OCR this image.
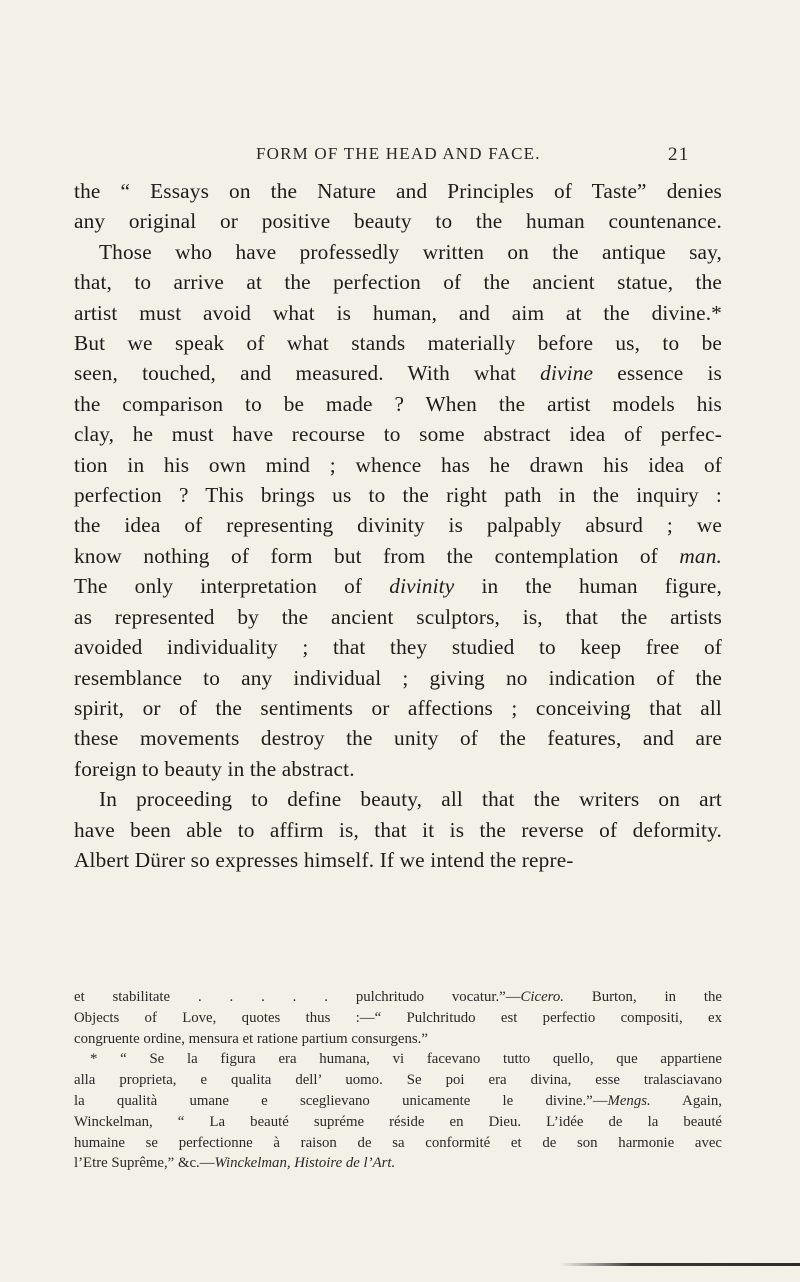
FORM OF THE HEAD AND FACE.	21
the “ Essays on the Nature and Principles of Taste” denies
any original or positive beauty to the human countenance.
Those who have professedly written on the antique say,
that, to arrive at the perfection of the ancient statue, the
artist must avoid what is human, and aim at the divine.*
But we speak of what stands materially before us, to be
seen, touched, and measured. With what divine essence is
the comparison to be made ? When the artist models his
clay, he must have recourse to some abstract idea of perfec-
tion in his own mind ; whence has he drawn his idea of
perfection ? This brings us to the right path in the inquiry :
the idea of representing divinity is palpably absurd ; we
know nothing of form but from the contemplation of man.
The only interpretation of divinity in the human figure,
as represented by the ancient sculptors, is, that the artists
avoided individuality ; that they studied to keep free of
resemblance to any individual ; giving no indication of the
spirit, or of the sentiments or affections ; conceiving that all
these movements destroy the unity of the features, and are
foreign to beauty in the abstract.
In proceeding to define beauty, all that the writers on art
have been able to affirm is, that it is the reverse of deformity.
Albert Dürer so expresses himself. If we intend the repre-
et stabilitate . . . . . pulchritudo vocatur.”—Cicero. Burton, in the
Objects of Love, quotes thus :—“ Pulchritudo est perfectio compositi, ex
congruente ordine, mensura et ratione partium consurgens.”
* “ Se la figura era humana, vi facevano tutto quello, que appartiene
alla proprieta, e qualita dell’ uomo. Se poi era divina, esse tralasciavano
la qualità umane e sceglievano unicamente le divine.”—Mengs. Again,
Winckelman, “ La beauté supréme réside en Dieu. L’idée de la beauté
humaine se perfectionne à raison de sa conformité et de son harmonie avec
l’Etre Suprême,” &c.—Winckelman, Histoire de l’Art.
